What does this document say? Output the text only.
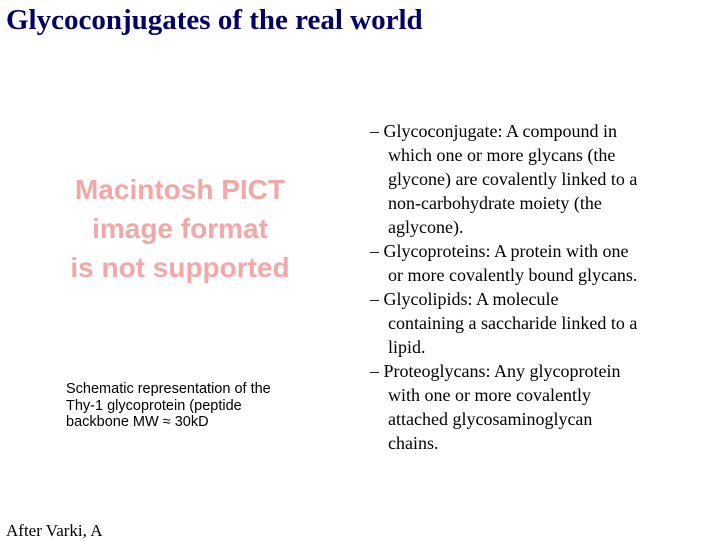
Glycoconjugates of the real world
Macintosh PICT
image format
is not supported
Schematic representation of the
Thy-1 glycoprotein (peptide
backbone MW ≈ 30kD
After Varki, A
– Glycoconjugate: A compound in
which one or more glycans (the
glycone) are covalently linked to a
non-carbohydrate moiety (the
aglycone).
– Glycoproteins: A protein with one
or more covalently bound glycans.
– Glycolipids: A molecule
containing a saccharide linked to a
lipid.
– Proteoglycans: Any glycoprotein
with one or more covalently
attached glycosaminoglycan
chains.
